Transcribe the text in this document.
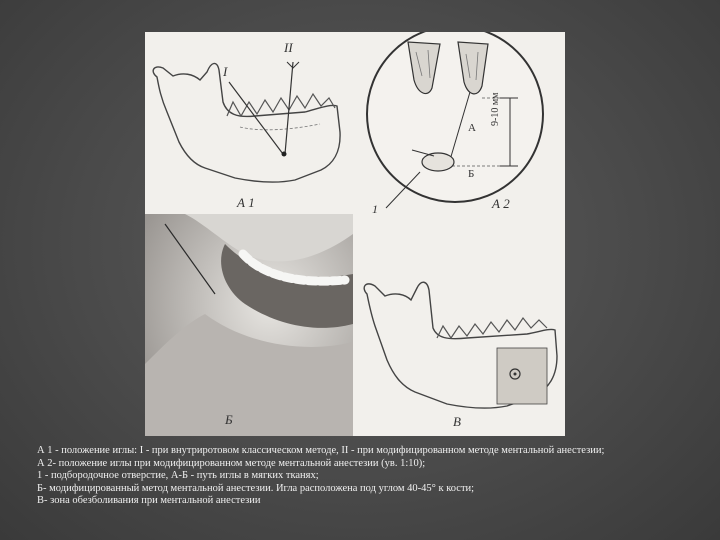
I
II
А 1
9-10 мм
А
Б
1	А 2
Б	В
А 1 - положение иглы: I - при внутриротовом классическом методе, II - при модифицированном методе ментальной анестезии;
А 2- положение иглы при модифицированном методе ментальной анестезии (ув. 1:10);
1 - подбородочное отверстие, А-Б - путь иглы в мягких тканях;
Б- модифицированный метод ментальной анестезии. Игла расположена под углом 40-45° к кости;
В- зона обезболивания при ментальной анестезии
